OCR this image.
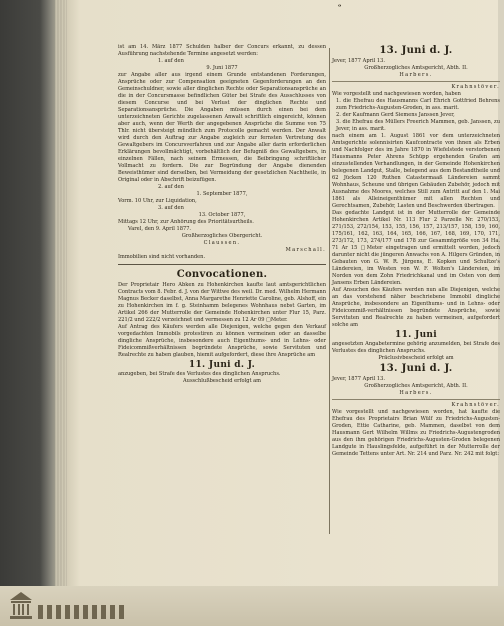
ᵒ

ist am 14. März 1877 Schulden halber der Concurs erkannt, zu dessen Ausführung nachstehende Termine angesetzt werden:

1. auf den

9. Juni 1877

zur Angabe aller aus irgend einem Grunde entstandenen Forderungen, Ansprüche oder zur Compensation geeigneten Gegenforderungen an den Gemeinschuldner, sowie aller dinglichen Rechte oder Separationsansprüche an die in der Concursmasse befindlichen Güter bei Strafe des Ausschlusses von diesem Concurse und bei Verlust der dinglichen Rechte und Separationsansprüche. Die Angaben müssen durch einen bei dem unterzeichneten Gerichte zugelassenen Anwalt schriftlich eingereicht, können aber auch, wenn der Werth der angegebenen Ansprüche die Summe von 75 Thlr. nicht übersteigt mündlich zum Protocolle gemacht werden. Der Anwalt wird durch den Auftrag zur Angabe zugleich zur fernsten Vertretung des Gewaltgebers im Concursverfahren und zur Angabe aller darin erforderlichen Erklärungen bevollmächtigt, vorbehältlich der Befugniß des Gewaltgebers, in einzelnen Fällen, nach seinem Ermessen, die Beibringung schriftlicher Vollmacht zu fordern. Die zur Begründung der Angabe dienenden Beweisthümer sind derselben, bei Vermeidung der gesetzlichen Nachtheile, in Original oder in Abschrift beizufügen.

2. auf den

1. September 1877,

Vorm. 10 Uhr, zur Liquidation,

3. auf den

13. October 1877,

Mittags 12 Uhr, zur Anhörung des Prioritätsurtheils.

Varel, den 9. April 1877.

Großherzogliches Obergericht.

Claussen.

Marschall.

Immobilien sind nicht vorhanden.

Convocationen.

Der Proprietair Hero Abken zu Hohenkirchen kaufte laut amtsgerichtlichen Contracts vom 8. Febr. d. J. von der Wittwe des weil. Dr. med. Wilhelm Hermann Magnus Becker daselbst, Anna Margarethe Henriette Caroline, geb. Alshoff, ein zu Hohenkirchen im f. g. Steinhamm belegenes Wohnhaus nebst Garten, im Artikel 266 der Mutterrolle der Gemeinde Hohenkirchen unter Flur 15, Parz. 221/2 und 222/2 verzeichnet und vermessen zu 12 Ar 09 □Meter.

Auf Antrag des Käufers werden alle Diejenigen, welche gegen den Verkauf vorgedachten Immobils protestiren zu können vermeinen oder an dasselbe dingliche Ansprüche, insbesondere auch Eigenthums- und in Lehns- oder Fideicommißverhältnissen begründete Ansprüche, sowie Servituten und Realrechte zu haben glauben, hiemit aufgefordert, diese ihre Ansprüche am

11. Juni d. J.

anzugeben, bei Strafe des Verlustes des dinglichen Anspruchs.

Ausschlußbescheid erfolgt am

13. Juni d. J.

Jever, 1877 April 13.

Großherzogliches Amtsgericht, Abth. II.

Harbers.

Krahnstöver.

Wie vorgestellt und nachgewiesen worden, haben

1. die Ehefrau des Hausmanns Carl Ehrich Gottfried Behrens zum Friedrichs-Augusten-Groden, in ass. marit.

2. der Kaufmann Gerd Siemens Janssen Jever,

3. die Ehefrau des Müllers Freerich Mammen, geb. Janssen, zu Jever, in ass. marit.

nach einem am 1. August 1861 vor dem unterzeichneten Amtsgerichte solennisirten Kaufcontracte von ihnen als Erben und Nachfolger des im Jahre 1870 in Wiefelstede verstorbenen Hausmanns Peter Ahrens Schüpp ergehenden Grafen am einzustellenden Verhandlungen, in der Gemeinde Hohenkirchen belegenen Landgut, Stalle, belegend aus dem Bestandtheile und 62 Jücken 120 Ruthen Catastermaaß Ländereien sammt Wohnhaus, Scheune und übrigen Gebäuden Zubehör, jedoch mit Ausnahme des Moores, welches Still zum Antritt auf den 1. Mai 1861 als Alleineigenthümer mit allen Rechten und Gerechtsamen, Zubehör, Lasten und Beschwerden übertragen.

Das gedachte Landgut ist in der Mutterrolle der Gemeinde Hohenkirchen Artikel Nr. 113 Flur 2 Parzelle Nr. 270/153, 271/153, 272/154, 153, 155, 156, 157, 213/157, 158, 159, 160, 175/161, 162, 163, 164, 165, 166, 167, 168, 169, 170, 171, 273/172, 173, 274/177 und 178 zur Gesammtgröße von 34 Ha. 71 Ar 15 □Meter eingetragen und ermittelt worden, jedoch darunter nicht die jüngeren Anwachs von A. Hilgers Gründen, in Gebauten von G. W. R. Jürgens, E. Kopken und Schultze's Ländereien, im Westen von W. F. Wolten's Ländereien, im Norden von dem Zohn Friedrichkanal und im Osten von dem Jansens Erben Ländereien.

Auf Ansuchen des Käufers werden nun alle Diejenigen, welche an das vorstehend näher beschriebene Immobil dingliche Ansprüche, insbesondere an Eigenthums- und in Lehns- oder Fideicommiß-verhältnissen begründete Ansprüche, sowie Servituten und Realrechte zu haben vermeinen, aufgefordert solche am

11. Juni

angesetzten Angabetermine gehörig anzumelden, bei Strafe des Verlustes des dinglichen Anspruchs.

Präclusivbescheid erfolgt am

13. Juni d. J.

Jever, 1877 April 13.

Großherzogliches Amtsgericht, Abth. II.

Harbers.

Krahnstöver.

Wie vorgestellt und nachgewiesen worden, hat kaufte die Ehefrau des Proprietairs Brian Wülf zu Friedrichs-Augusten-Groden, Ettie Catharine, geb. Mammen, daselbst von dem Hausmann Gert Wilhelm Willms zu Friedrichs-Augustengroden aus den ihm gehörigen Friedrichs-Augusten-Groden belegenen Landgute in Hauslingsfelde, aufgeführt in der Mutterrolle der Gemeinde Tettens unter Art. Nr. 214 und Parz. Nr. 242 mit folgt:
